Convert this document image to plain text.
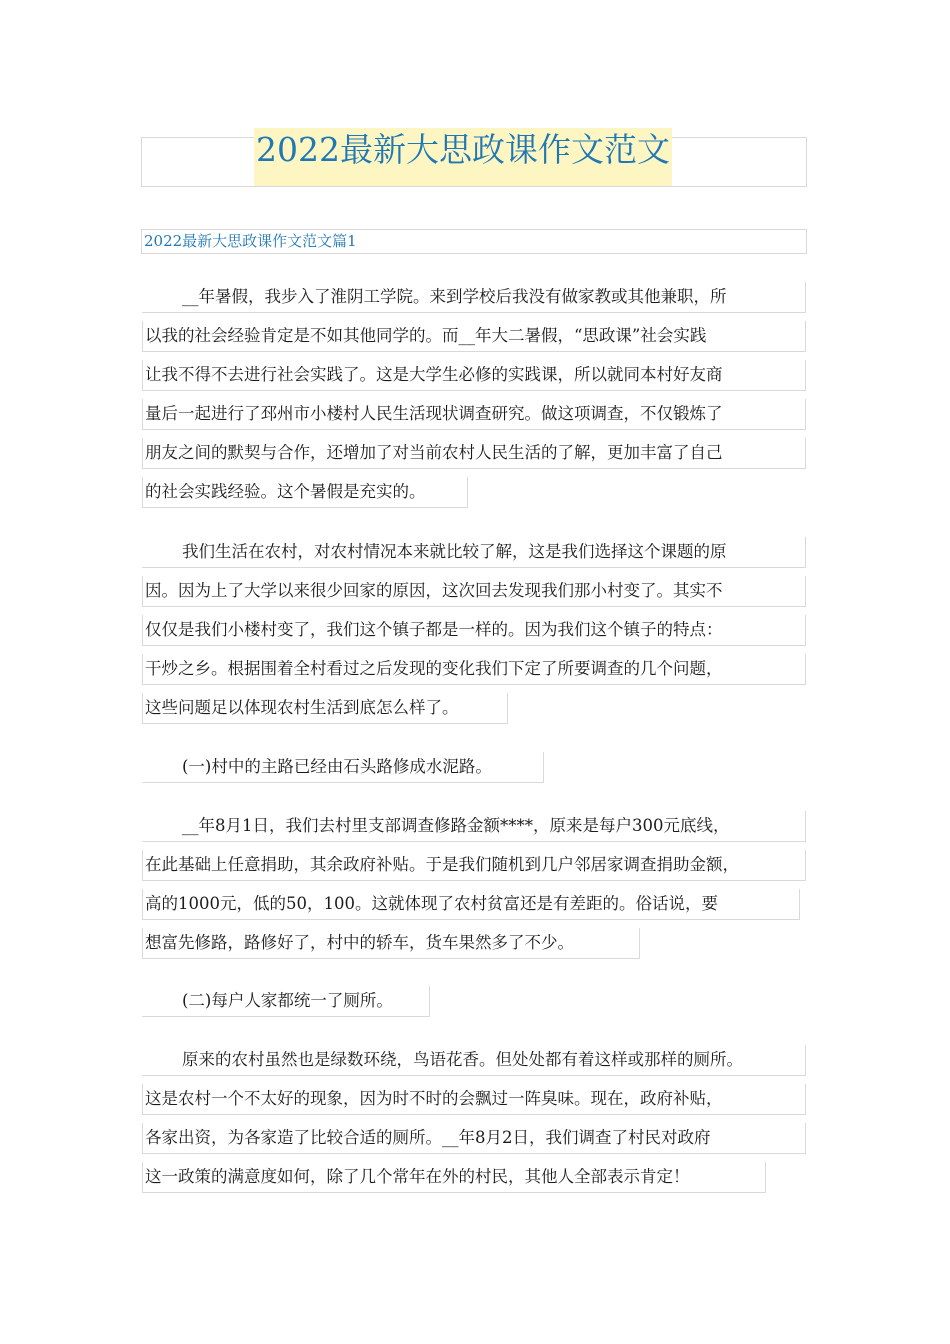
2022最新大思政课作文范文
2022最新大思政课作文范文篇1
__年暑假，我步入了淮阴工学院。来到学校后我没有做家教或其他兼职，所
以我的社会经验肯定是不如其他同学的。而__年大二暑假，“思政课”社会实践
让我不得不去进行社会实践了。这是大学生必修的实践课，所以就同本村好友商
量后一起进行了邳州市小楼村人民生活现状调查研究。做这项调查，不仅锻炼了
朋友之间的默契与合作，还增加了对当前农村人民生活的了解，更加丰富了自己
的社会实践经验。这个暑假是充实的。
我们生活在农村，对农村情况本来就比较了解，这是我们选择这个课题的原
因。因为上了大学以来很少回家的原因，这次回去发现我们那小村变了。其实不
仅仅是我们小楼村变了，我们这个镇子都是一样的。因为我们这个镇子的特点：
干炒之乡。根据围着全村看过之后发现的变化我们下定了所要调查的几个问题，
这些问题足以体现农村生活到底怎么样了。
(一)村中的主路已经由石头路修成水泥路。
__年8月1日，我们去村里支部调查修路金额****，原来是每户300元底线，
在此基础上任意捐助，其余政府补贴。于是我们随机到几户邻居家调查捐助金额，
高的1000元，低的50，100。这就体现了农村贫富还是有差距的。俗话说，要
想富先修路，路修好了，村中的轿车，货车果然多了不少。
(二)每户人家都统一了厕所。
原来的农村虽然也是绿数环绕，鸟语花香。但处处都有着这样或那样的厕所。
这是农村一个不太好的现象，因为时不时的会飘过一阵臭味。现在，政府补贴，
各家出资，为各家造了比较合适的厕所。__年8月2日，我们调查了村民对政府
这一政策的满意度如何，除了几个常年在外的村民，其他人全部表示肯定！
